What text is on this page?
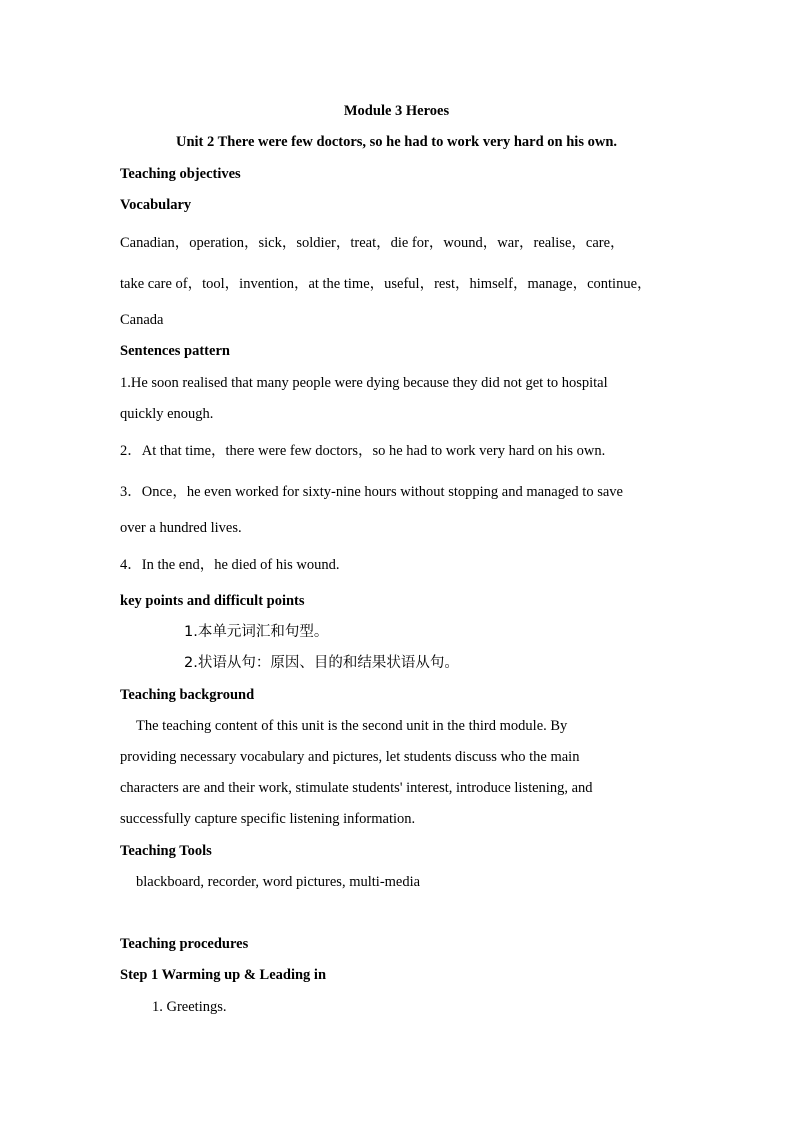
Module 3 Heroes
Unit 2 There were few doctors, so he had to work very hard on his own.
Teaching objectives
Vocabulary
Canadian，operation，sick，soldier，treat，die for，wound，war，realise，care，
take care of，tool，invention，at the time，useful，rest，himself，manage，continue，
Canada
Sentences pattern
1.He soon realised that many people were dying because they did not get to hospital
quickly enough.
2．At that time，there were few doctors，so he had to work very hard on his own.
3．Once，he even worked for sixty-nine hours without stopping and managed to save
over a hundred lives.
4．In the end，he died of his wound.
key points and difficult points
1.本单元词汇和句型。
2.状语从句：原因、目的和结果状语从句。
Teaching background
The teaching content of this unit is the second unit in the third module. By
providing necessary vocabulary and pictures, let students discuss who the main
characters are and their work, stimulate students' interest, introduce listening, and
successfully capture specific listening information.
Teaching Tools
blackboard, recorder, word pictures, multi-media
Teaching procedures
Step 1 Warming up & Leading in
1. Greetings.
